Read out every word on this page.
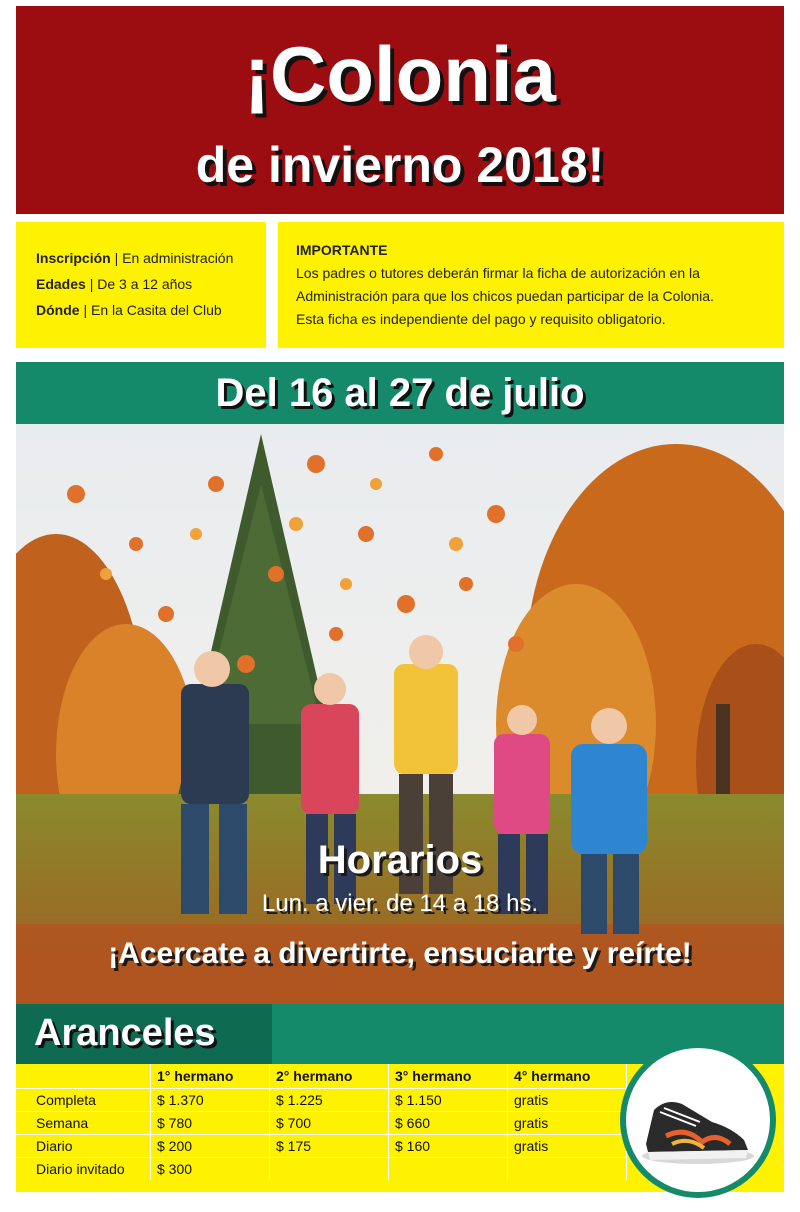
¡Colonia
de invierno 2018!
Inscripción | En administración
Edades | De 3 a 12 años
Dónde | En la Casita del Club
IMPORTANTE
Los padres o tutores deberán firmar la ficha de autorización en la
Administración para que los chicos puedan participar de la Colonia.
Esta ficha es independiente del pago y requisito obligatorio.
Del 16 al 27 de julio
Horarios
Lun. a vier. de 14 a 18 hs.
¡Acercate a divertirte, ensuciarte y reírte!
Aranceles
	1° hermano	2° hermano	3° hermano	4° hermano
Completa	$ 1.370	$ 1.225	$ 1.150	gratis
Semana	$ 780	$ 700	$ 660	gratis
Diario	$ 200	$ 175	$ 160	gratis
Diario invitado	$ 300			
